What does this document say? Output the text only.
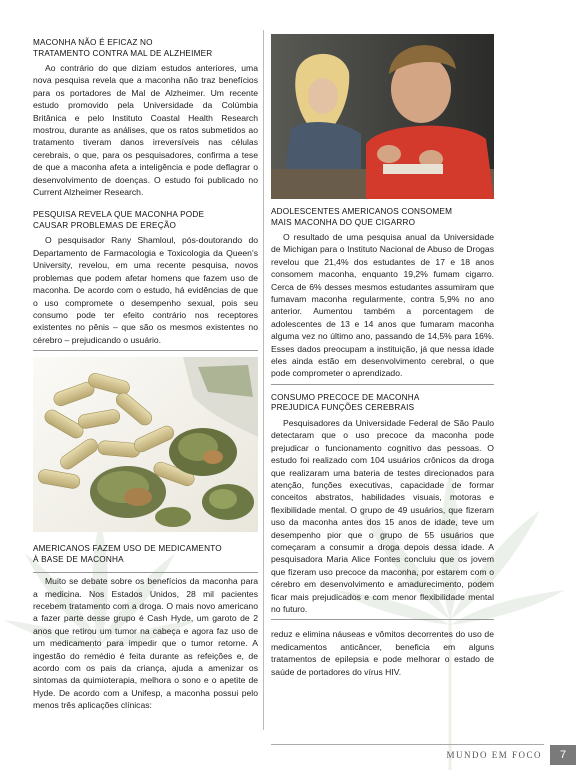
MACONHA NÃO É EFICAZ NO
TRATAMENTO CONTRA MAL DE ALZHEIMER

Ao contrário do que diziam estudos anteriores, uma nova pesquisa revela que a maconha não traz benefícios para os portadores de Mal de Alzheimer. Um recente estudo promovido pela Universidade da Colúmbia Britânica e pelo Instituto Coastal Health Research mostrou, durante as análises, que os ratos submetidos ao tratamento tiveram danos irreversíveis nas células cerebrais, o que, para os pesquisadores, confirma a tese de que a maconha afeta a inteligência e pode deflagrar o desenvolvimento de doenças. O estudo foi publicado no Current Alzheimer Research.

PESQUISA REVELA QUE MACONHA PODE
CAUSAR PROBLEMAS DE EREÇÃO

O pesquisador Rany Shamloul, pós-doutorando do Departamento de Farmacologia e Toxicologia da Queen’s University, revelou, em uma recente pesquisa, novos problemas que podem afetar homens que fazem uso de maconha. De acordo com o estudo, há evidências de que o uso compromete o desempenho sexual, pois seu consumo pode ter efeito contrário nos receptores existentes no pênis – que são os mesmos existentes no cérebro – prejudicando o usuário.

AMERICANOS FAZEM USO DE MEDICAMENTO
À BASE DE MACONHA

Muito se debate sobre os benefícios da maconha para a medicina. Nos Estados Unidos, 28 mil pacientes recebem tratamento com a droga. O mais novo americano a fazer parte desse grupo é Cash Hyde, um garoto de 2 anos que retirou um tumor na cabeça e agora faz uso de um medicamento para impedir que o tumor retorne. A ingestão do remédio é feita durante as refeições e, de acordo com os pais da criança, ajuda a amenizar os sintomas da quimioterapia, melhora o sono e o apetite de Hyde. De acordo com a Unifesp, a maconha possui pelo menos três aplicações clínicas:

ADOLESCENTES AMERICANOS CONSOMEM
MAIS MACONHA DO QUE CIGARRO

O resultado de uma pesquisa anual da Universidade de Michigan para o Instituto Nacional de Abuso de Drogas revelou que 21,4% dos estudantes de 17 e 18 anos consomem maconha, enquanto 19,2% fumam cigarro. Cerca de 6% desses mesmos estudantes assumiram que fumavam maconha regularmente, contra 5,9% no ano anterior. Aumentou também a porcentagem de adolescentes de 13 e 14 anos que fumaram maconha alguma vez no último ano, passando de 14,5% para 16%. Esses dados preocupam a instituição, já que nessa idade eles ainda estão em desenvolvimento cerebral, o que pode comprometer o aprendizado.

CONSUMO PRECOCE DE MACONHA
PREJUDICA FUNÇÕES CEREBRAIS

Pesquisadores da Universidade Federal de São Paulo detectaram que o uso precoce da maconha pode prejudicar o funcionamento cognitivo das pessoas. O estudo foi realizado com 104 usuários crônicos da droga que realizaram uma bateria de testes direcionados para atenção, funções executivas, capacidade de formar conceitos abstratos, habilidades visuais, motoras e flexibilidade mental. O grupo de 49 usuários, que fizeram uso da maconha antes dos 15 anos de idade, teve um desempenho pior que o grupo de 55 usuários que começaram a consumir a droga depois dessa idade. A pesquisadora Maria Alice Fontes concluiu que os jovem que fizeram uso precoce da maconha, por estarem com o cérebro em desenvolvimento e amadurecimento, podem ficar mais prejudicados e com menor flexibilidade mental no futuro.

reduz e elimina náuseas e vômitos decorrentes do uso de medicamentos anticâncer, beneficia em alguns tratamentos de epilepsia e pode melhorar o estado de saúde de portadores do vírus HIV.

MUNDO EM FOCO	7
